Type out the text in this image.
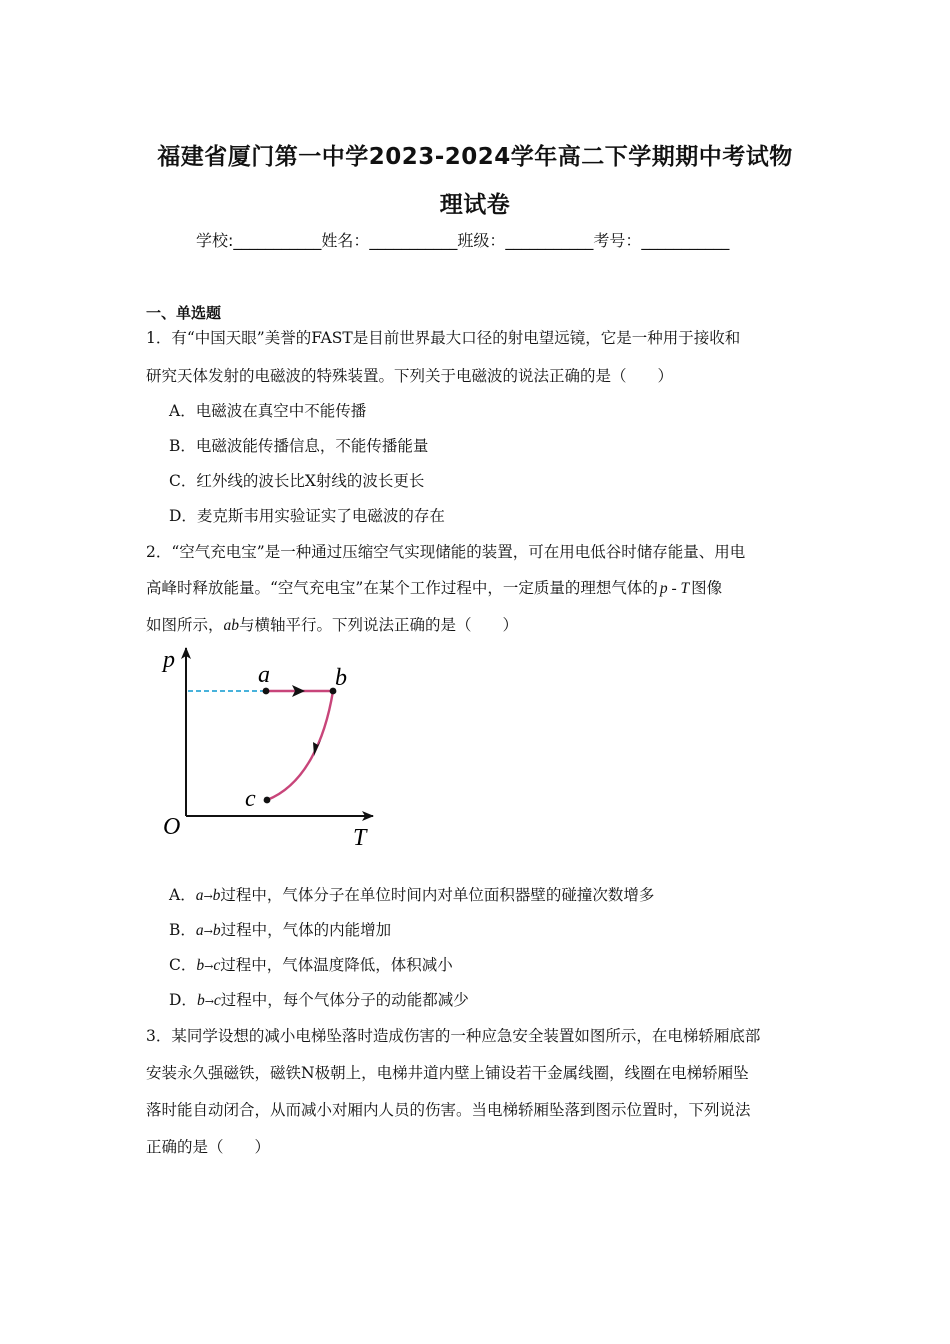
福建省厦门第一中学2023-2024学年高二下学期期中考试物
理试卷
学校:___________姓名：___________班级：___________考号：___________
一、单选题
1．有“中国天眼”美誉的FAST是目前世界最大口径的射电望远镜，它是一种用于接收和
研究天体发射的电磁波的特殊装置。下列关于电磁波的说法正确的是（　　）
A．电磁波在真空中不能传播
B．电磁波能传播信息，不能传播能量
C．红外线的波长比X射线的波长更长
D．麦克斯韦用实验证实了电磁波的存在
2．“空气充电宝”是一种通过压缩空气实现储能的装置，可在用电低谷时储存能量、用电
高峰时释放能量。“空气充电宝”在某个工作过程中，一定质量的理想气体的 p - T 图像
如图所示，ab与横轴平行。下列说法正确的是（　　）
p
T
O
a	b
c
A．a→b过程中，气体分子在单位时间内对单位面积器壁的碰撞次数增多
B．a→b过程中，气体的内能增加
C．b→c过程中，气体温度降低，体积减小
D．b→c过程中，每个气体分子的动能都减少
3．某同学设想的减小电梯坠落时造成伤害的一种应急安全装置如图所示，在电梯轿厢底部
安装永久强磁铁，磁铁N极朝上，电梯井道内壁上铺设若干金属线圈，线圈在电梯轿厢坠
落时能自动闭合，从而减小对厢内人员的伤害。当电梯轿厢坠落到图示位置时，下列说法
正确的是（　　）
